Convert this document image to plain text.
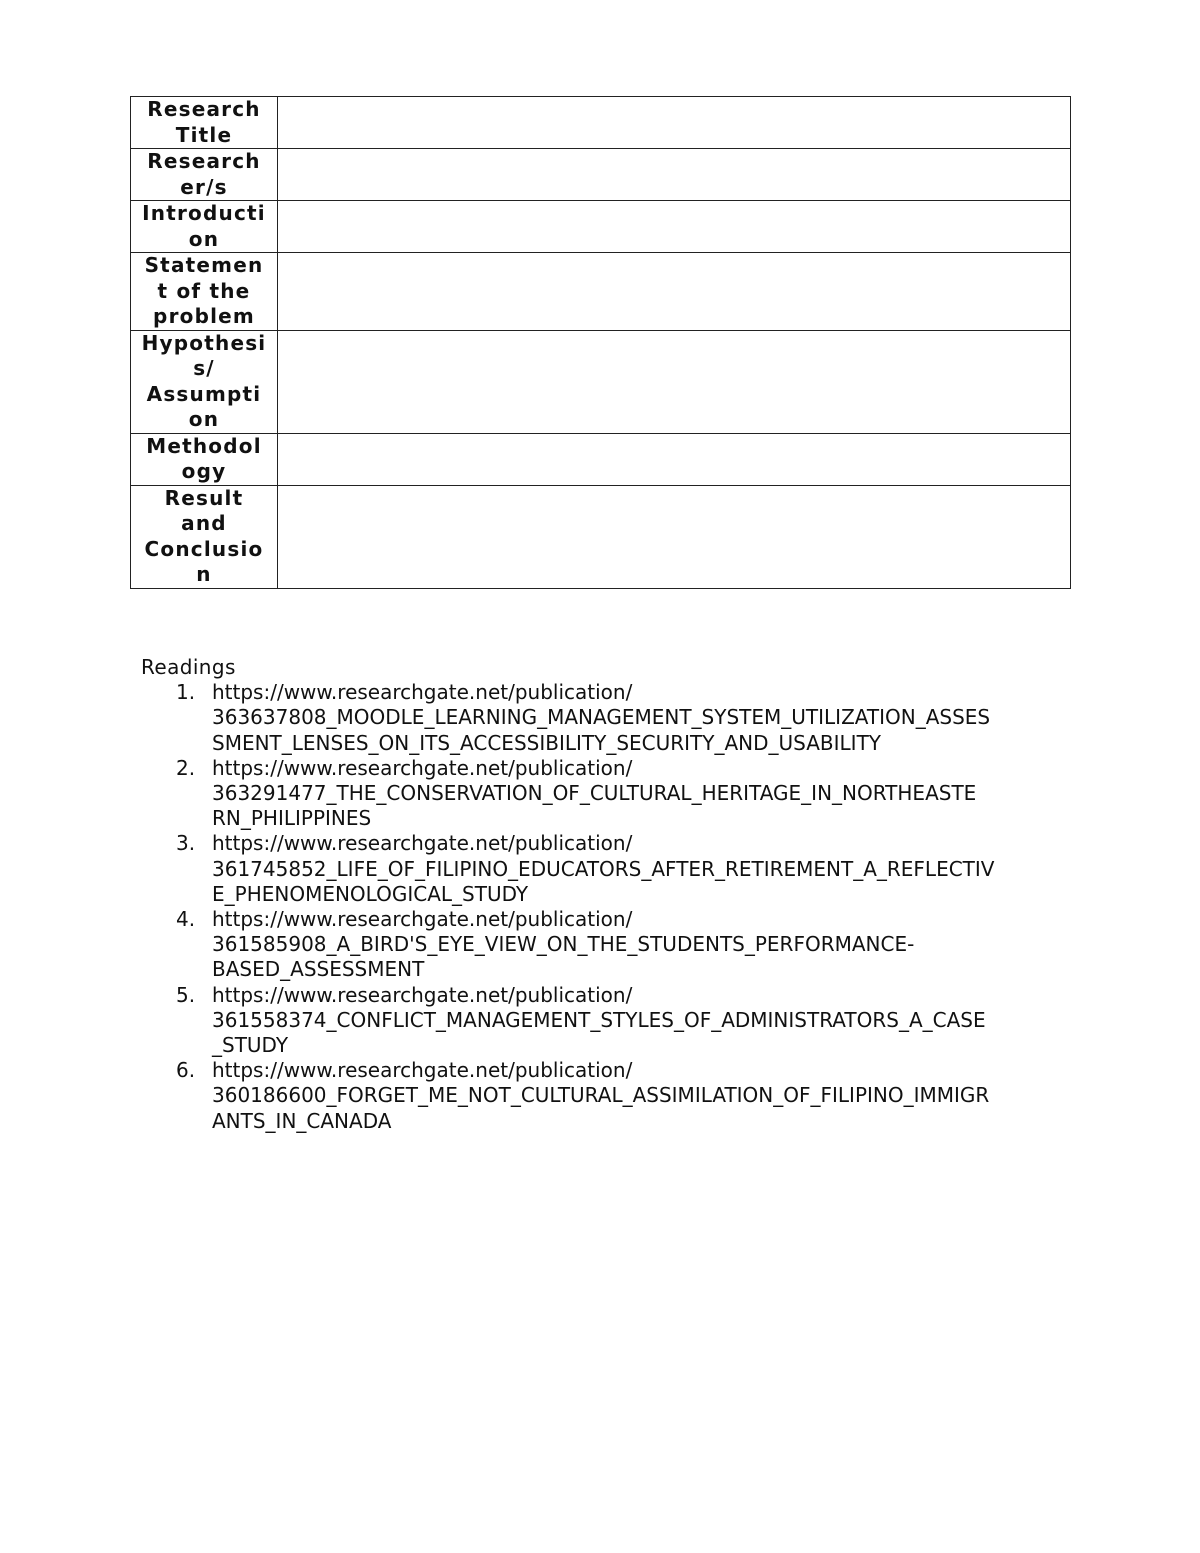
Research
Title	

Research
er/s	

Introducti
on	

Statemen
t of the
problem	

Hypothesi
s/
Assumpti
on	

Methodol
ogy	

Result
and
Conclusio
n	

Readings
1. https://www.researchgate.net/publication/
363637808_MOODLE_LEARNING_MANAGEMENT_SYSTEM_UTILIZATION_ASSES
SMENT_LENSES_ON_ITS_ACCESSIBILITY_SECURITY_AND_USABILITY
2. https://www.researchgate.net/publication/
363291477_THE_CONSERVATION_OF_CULTURAL_HERITAGE_IN_NORTHEASTE
RN_PHILIPPINES
3. https://www.researchgate.net/publication/
361745852_LIFE_OF_FILIPINO_EDUCATORS_AFTER_RETIREMENT_A_REFLECTIV
E_PHENOMENOLOGICAL_STUDY
4. https://www.researchgate.net/publication/
361585908_A_BIRD'S_EYE_VIEW_ON_THE_STUDENTS_PERFORMANCE-
BASED_ASSESSMENT
5. https://www.researchgate.net/publication/
361558374_CONFLICT_MANAGEMENT_STYLES_OF_ADMINISTRATORS_A_CASE
_STUDY
6. https://www.researchgate.net/publication/
360186600_FORGET_ME_NOT_CULTURAL_ASSIMILATION_OF_FILIPINO_IMMIGR
ANTS_IN_CANADA
